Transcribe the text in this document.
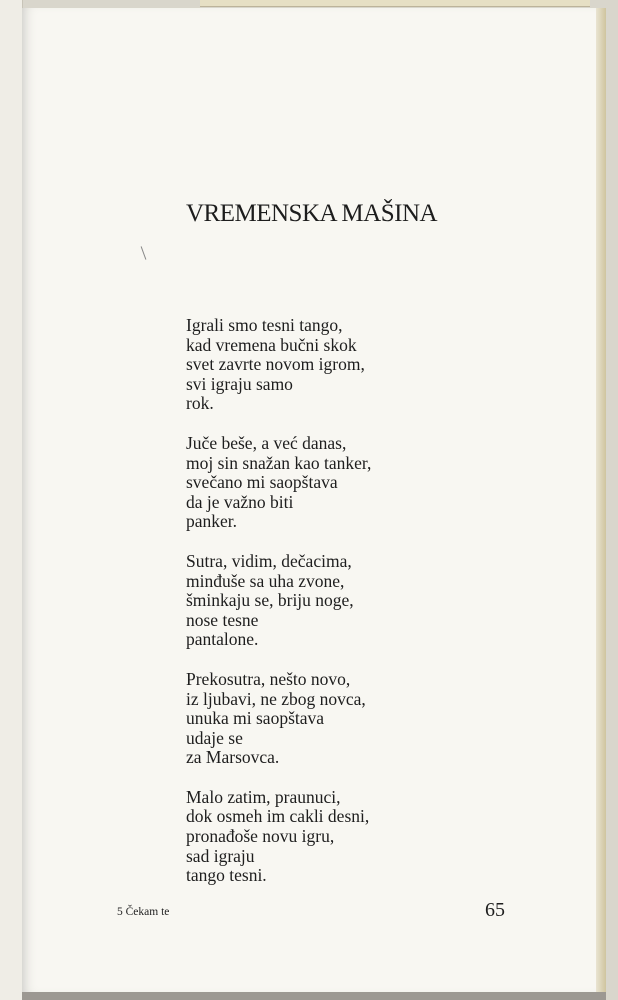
VREMENSKA MAŠINA
Igrali smo tesni tango,
kad vremena bučni skok
svet zavrte novom igrom,
svi igraju samo
rok.
Juče beše, a već danas,
moj sin snažan kao tanker,
svečano mi saopštava
da je važno biti
panker.
Sutra, vidim, dečacima,
minđuše sa uha zvone,
šminkaju se, briju noge,
nose tesne
pantalone.
Prekosutra, nešto novo,
iz ljubavi, ne zbog novca,
unuka mi saopštava
udaje se
za Marsovca.
Malo zatim, praunuci,
dok osmeh im cakli desni,
pronađoše novu igru,
sad igraju
tango tesni.
5 Čekam te	65
